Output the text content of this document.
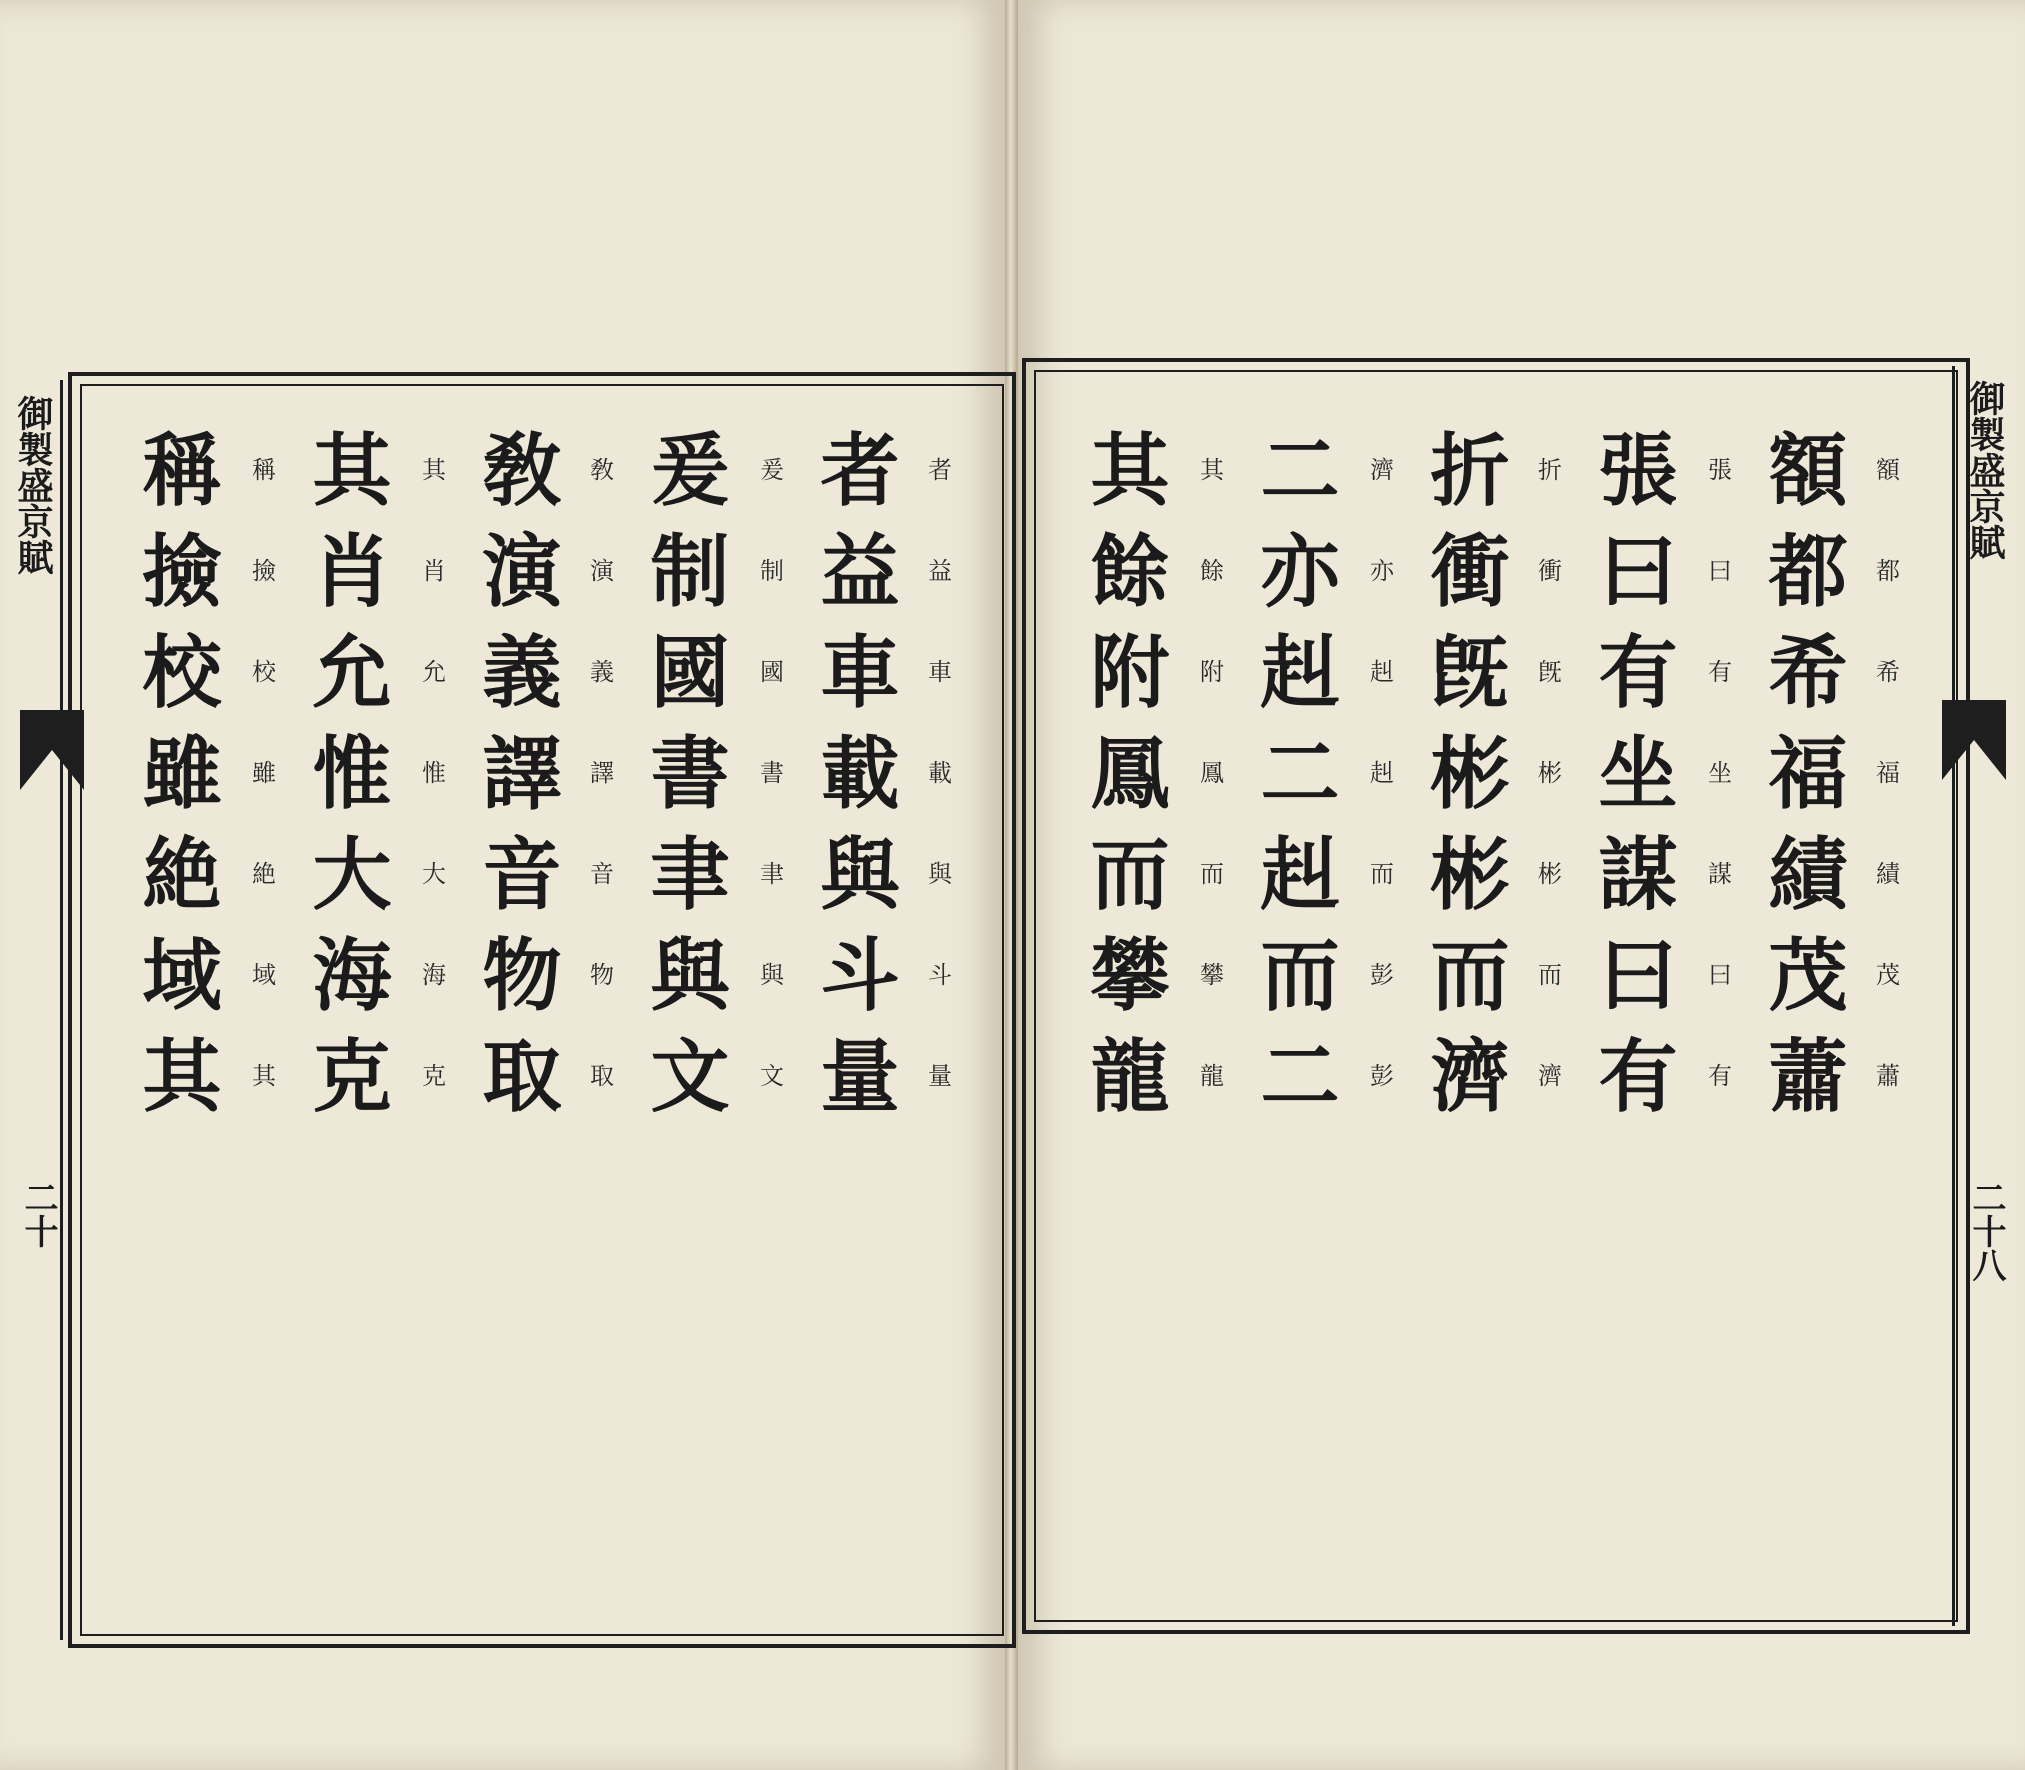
御製盛京賦
二十
者
益
車
載
與
斗
量
爰
制
國
書
聿
與
文
敎
演
義
譯
音
物
取
其
肖
允
惟
大
海
克
稱
撿
校
雖
絶
域
其
者
益
車
載
與
斗
量
爰
制
國
書
聿
與
文
敎
演
義
譯
音
物
取
其
肖
允
惟
大
海
克
稱
撿
校
雖
絶
域
其
御製盛京賦
二十八
額
都
希
福
績
茂
蕭
張
曰
有
坐
謀
曰
有
折
衝
旣
彬
彬
而
濟
濟
亦
赳
赳
而
彭
彭
其
餘
附
鳳
而
攀
龍
額
都
希
福
績
茂
蕭
張
曰
有
坐
謀
曰
有
折
衝
旣
彬
彬
而
濟
二
亦
赳
二
赳
而
二
其
餘
附
鳳
而
攀
龍
